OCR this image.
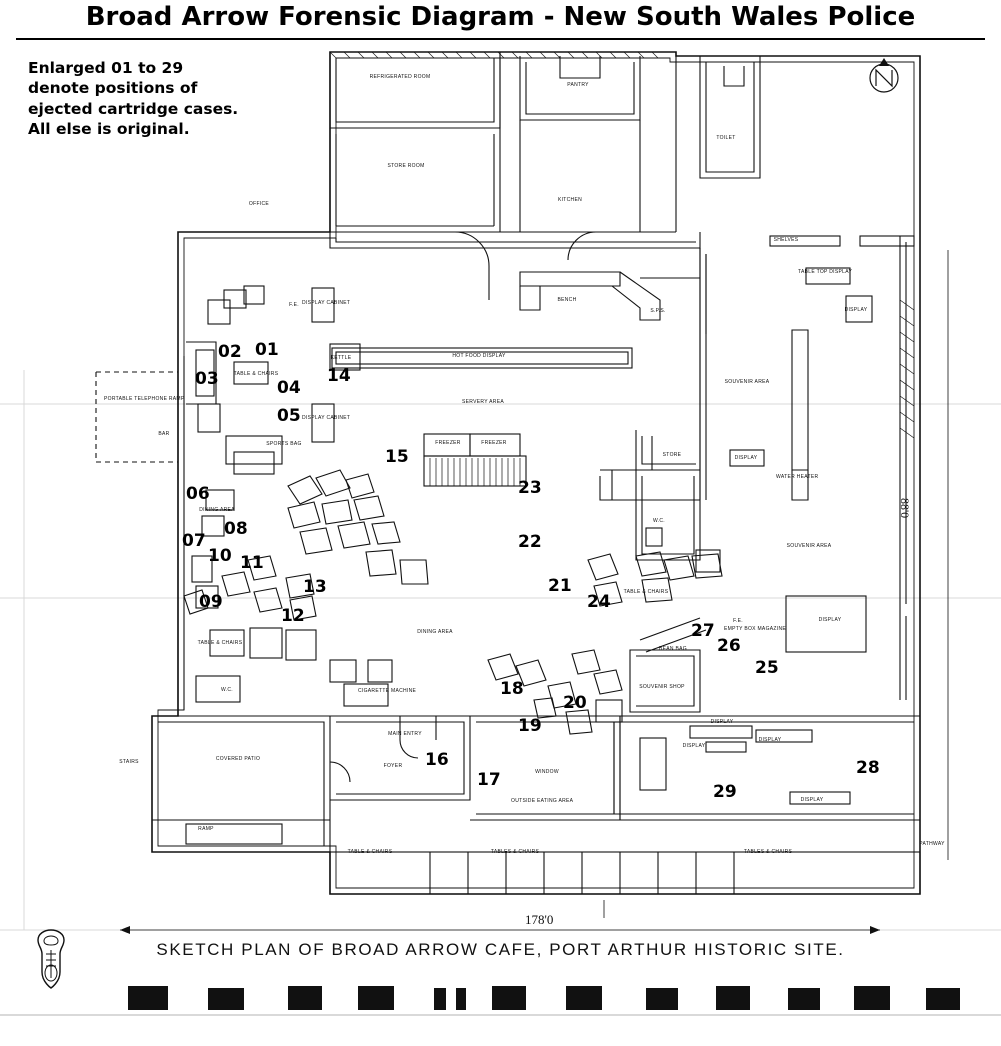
Broad Arrow Forensic Diagram - New South Wales Police
Enlarged 01 to 29 denote positions of ejected cartridge cases. All else is original.
REFRIGERATED ROOM
PANTRY
TOILET
STORE ROOM
KITCHEN
OFFICE
SERVERY AREA
SOUVENIR AREA
SOUVENIR AREA
STORE
W.C.
DINING AREA
DINING AREA
W.C.
MAIN ENTRY
FOYER
COVERED PATIO
OUTSIDE EATING AREA
SOUVENIR SHOP
EMPTY BOX MAGAZINE
SPORTS BAG
BEAN BAG
BAR
FREEZER	FREEZER
HOT FOOD DISPLAY
KETTLE
TABLE & CHAIRS
DISPLAY
DISPLAY
DISPLAY
DISPLAY
DISPLAY
DISPLAY
SHELVES
TABLE & CHAIRS	TABLES & CHAIRS	TABLES & CHAIRS
CIGARETTE MACHINE
TABLE & CHAIRS
TABLE & CHAIRS
DISPLAY CABINET
DISPLAY CABINET
RAMP
PATHWAY
STAIRS
TABLE TOP DISPLAY
DISPLAY
WATER HEATER
BENCH
F.E.
F.E.
S.P.S.
WINDOW
PORTABLE TELEPHONE RAMP
01
02
03	04
05
06
07
08
09
10 11
12
13
14
15
16
17
18
19
20
21
22
23
24
25
26
27
28
29
178'0
88'0
SKETCH PLAN OF BROAD ARROW CAFE, PORT ARTHUR HISTORIC SITE.
